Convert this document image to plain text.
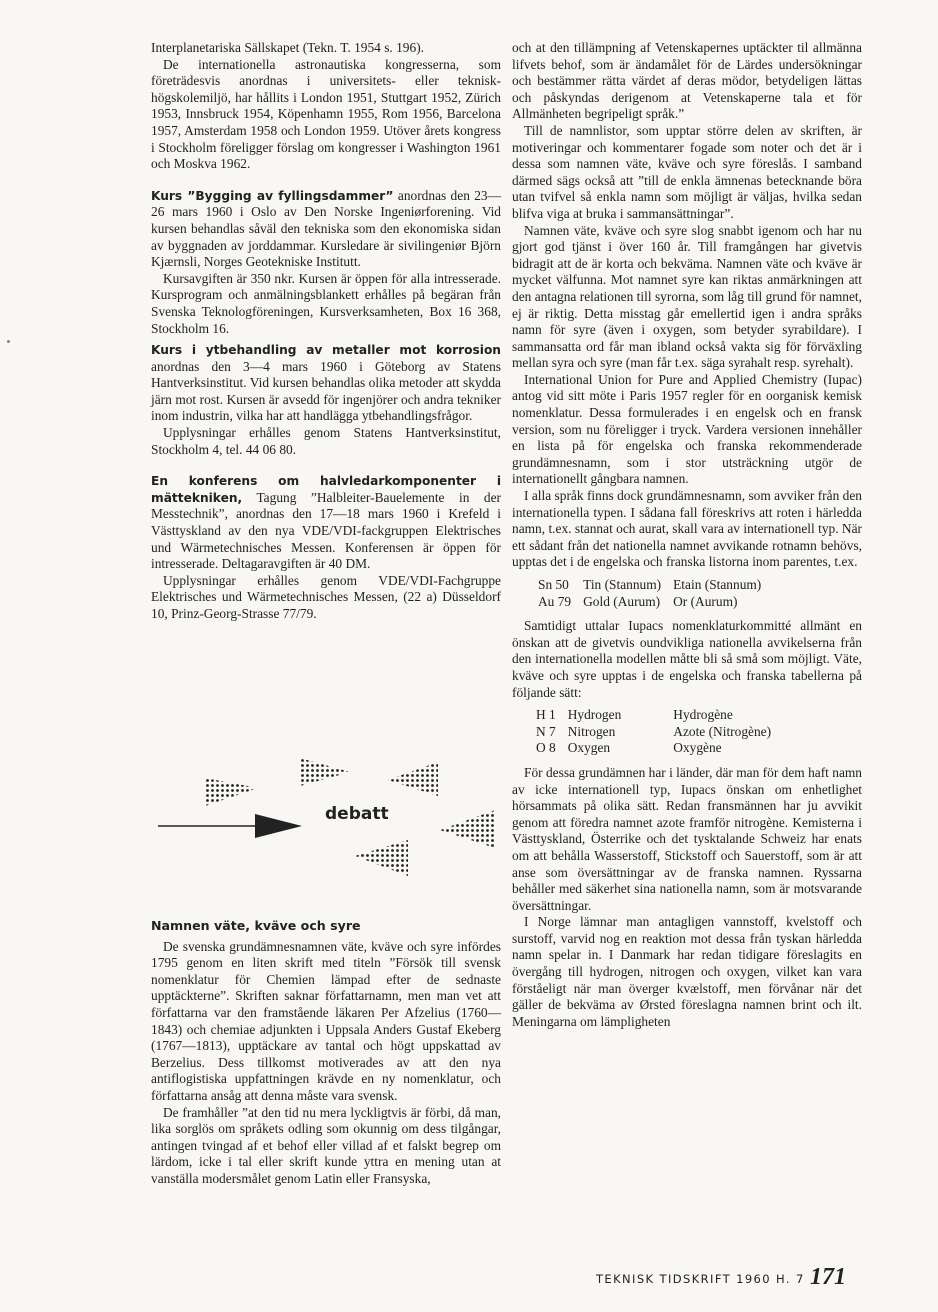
Interplanetariska Sällskapet (Tekn. T. 1954 s. 196).

De internationella astronautiska kongresserna, som företrädesvis anordnas i universitets- eller teknisk-högskolemiljö, har hållits i London 1951, Stuttgart 1952, Zürich 1953, Innsbruck 1954, Köpenhamn 1955, Rom 1956, Barcelona 1957, Amsterdam 1958 och London 1959. Utöver årets kongress i Stockholm föreligger förslag om kongresser i Washington 1961 och Moskva 1962.

Kurs ”Bygging av fyllingsdammer” anordnas den 23—26 mars 1960 i Oslo av Den Norske Ingeniørforening. Vid kursen behandlas såväl den tekniska som den ekonomiska sidan av byggnaden av jorddammar. Kursledare är sivilingeniør Björn Kjærnsli, Norges Geotekniske Institutt.

Kursavgiften är 350 nkr. Kursen är öppen för alla intresserade. Kursprogram och anmälningsblankett erhålles på begäran från Svenska Teknologföreningen, Kursverksamheten, Box 16 368, Stockholm 16.

Kurs i ytbehandling av metaller mot korrosion anordnas den 3—4 mars 1960 i Göteborg av Statens Hantverksinstitut. Vid kursen behandlas olika metoder att skydda järn mot rost. Kursen är avsedd för ingenjörer och andra tekniker inom industrin, vilka har att handlägga ytbehandlingsfrågor.

Upplysningar erhålles genom Statens Hantverksinstitut, Stockholm 4, tel. 44 06 80.

En konferens om halvledarkomponenter i mättekniken, Tagung ”Halbleiter-Bauelemente in der Messtechnik”, anordnas den 17—18 mars 1960 i Krefeld i Västtyskland av den nya VDE/VDI-fackgruppen Elektrisches und Wärmetechnisches Messen. Konferensen är öppen för intresserade. Deltagaravgiften är 40 DM.

Upplysningar erhålles genom VDE/VDI-Fachgruppe Elektrisches und Wärmetechnisches Messen, (22 a) Düsseldorf 10, Prinz-Georg-Strasse 77/79.

debatt

Namnen väte, kväve och syre

De svenska grundämnesnamnen väte, kväve och syre infördes 1795 genom en liten skrift med titeln ”Försök till svensk nomenklatur för Chemien lämpad efter de sednaste upptäckterne”. Skriften saknar författarnamn, men man vet att författarna var den framstående läkaren Per Afzelius (1760—1843) och chemiae adjunkten i Uppsala Anders Gustaf Ekeberg (1767—1813), upptäckare av tantal och högt uppskattad av Berzelius. Dess tillkomst motiverades av att den nya antiflogistiska uppfattningen krävde en ny nomenklatur, och författarna ansåg att denna måste vara svensk.

De framhåller ”at den tid nu mera lyckligtvis är förbi, då man, lika sorglös om språkets odling som okunnig om dess tilgångar, antingen tvingad af et behof eller villad af et falskt begrep om lärdom, icke i tal eller skrift kunde yttra en mening utan at vanställa modersmålet genom Latin eller Fransyska,

och at den tillämpning af Vetenskapernes uptäckter til allmänna lifvets behof, som är ändamålet för de Lärdes undersökningar och bestämmer rätta värdet af deras mödor, betydeligen lättas och påskyndas derigenom at Vetenskaperne tala et för Allmänheten begripeligt språk.”

Till de namnlistor, som upptar större delen av skriften, är motiveringar och kommentarer fogade som noter och det är i dessa som namnen väte, kväve och syre föreslås. I samband därmed sägs också att ”till de enkla ämnenas betecknande böra utan tvifvel så enkla namn som möjligt är väljas, hvilka sedan blifva viga at bruka i sammansättningar”.

Namnen väte, kväve och syre slog snabbt igenom och har nu gjort god tjänst i över 160 år. Till framgången har givetvis bidragit att de är korta och bekväma. Namnen väte och kväve är mycket välfunna. Mot namnet syre kan riktas anmärkningen att den antagna relationen till syrorna, som låg till grund för namnet, ej är riktig. Detta misstag går emellertid igen i andra språks namn för syre (även i oxygen, som betyder syrabildare). I sammansatta ord får man ibland också vakta sig för förväxling mellan syra och syre (man får t.ex. säga syrahalt resp. syrehalt).

International Union for Pure and Applied Chemistry (Iupac) antog vid sitt möte i Paris 1957 regler för en oorganisk kemisk nomenklatur. Dessa formulerades i en engelsk och en fransk version, som nu föreligger i tryck. Vardera versionen innehåller en lista på för engelska och franska rekommenderade grundämnesnamn, som i stor utsträckning utgör de internationellt gångbara namnen.

I alla språk finns dock grundämnesnamn, som avviker från den internationella typen. I sådana fall föreskrivs att roten i härledda namn, t.ex. stannat och aurat, skall vara av internationell typ. När ett sådant från det nationella namnet avvikande rotnamn behövs, upptas det i de engelska och franska listorna inom parentes, t.ex.

Sn 50	Tin (Stannum)	Etain (Stannum)
Au 79	Gold (Aurum)	Or (Aurum)

Samtidigt uttalar Iupacs nomenklaturkommitté allmänt en önskan att de givetvis oundvikliga nationella avvikelserna från den internationella modellen måtte bli så små som möjligt. Väte, kväve och syre upptas i de engelska och franska tabellerna på följande sätt:

H 1	Hydrogen	Hydrogène
N 7	Nitrogen	Azote (Nitrogène)
O 8	Oxygen	Oxygène

För dessa grundämnen har i länder, där man för dem haft namn av icke internationell typ, Iupacs önskan om enhetlighet hörsammats på olika sätt. Redan fransmännen har ju avvikit genom att föredra namnet azote framför nitrogène. Kemisterna i Västtyskland, Österrike och det tysktalande Schweiz har enats om att behålla Wasserstoff, Stickstoff och Sauerstoff, som är att anse som översättningar av de franska namnen. Ryssarna behåller med säkerhet sina nationella namn, som är motsvarande översättningar.

I Norge lämnar man antagligen vannstoff, kvelstoff och surstoff, varvid nog en reaktion mot dessa från tyskan härledda namn spelar in. I Danmark har redan tidigare föreslagits en övergång till hydrogen, nitrogen och oxygen, vilket kan vara förståeligt när man överger kvælstoff, men förvånar när det gäller de bekväma av Ørsted föreslagna namnen brint och ilt. Meningarna om lämpligheten

TEKNISK TIDSKRIFT 1960 H. 7 171
